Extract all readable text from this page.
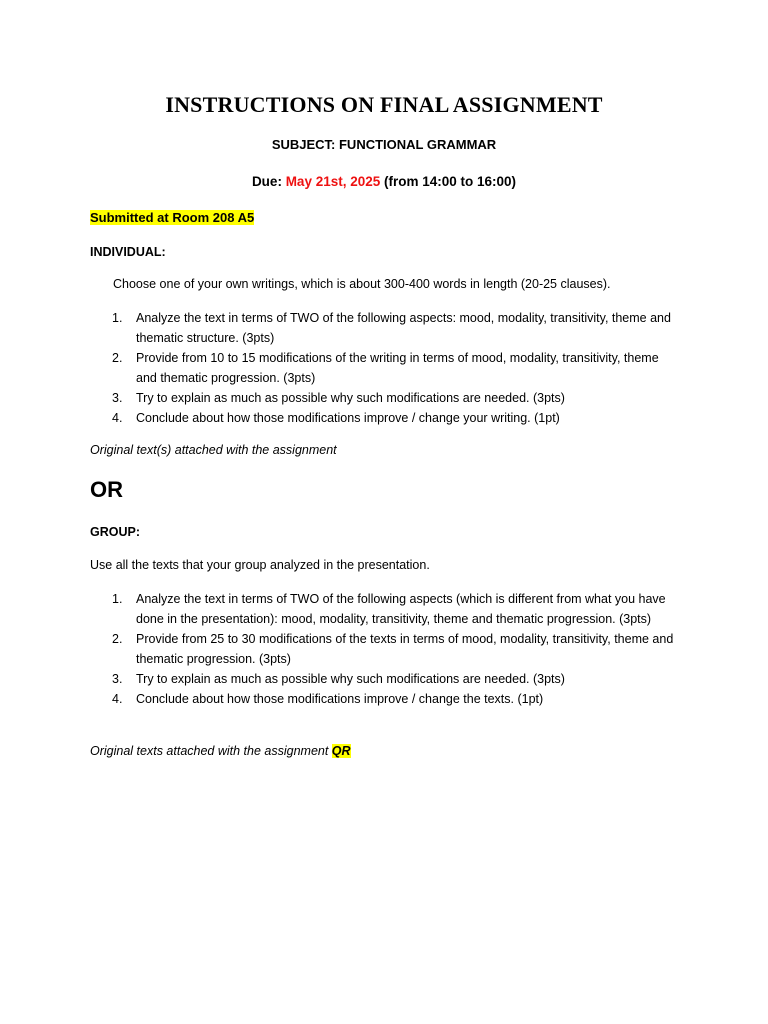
INSTRUCTIONS ON FINAL ASSIGNMENT
SUBJECT: FUNCTIONAL GRAMMAR
Due: May 21st, 2025 (from 14:00 to 16:00)
Submitted at Room 208 A5
INDIVIDUAL:
Choose one of your own writings, which is about 300-400 words in length (20-25 clauses).
1. Analyze the text in terms of TWO of the following aspects: mood, modality, transitivity, theme and thematic structure. (3pts)
2. Provide from 10 to 15 modifications of the writing in terms of mood, modality, transitivity, theme and thematic progression. (3pts)
3. Try to explain as much as possible why such modifications are needed. (3pts)
4. Conclude about how those modifications improve / change your writing. (1pt)
Original text(s) attached with the assignment
OR
GROUP:
Use all the texts that your group analyzed in the presentation.
1. Analyze the text in terms of TWO of the following aspects (which is different from what you have done in the presentation): mood, modality, transitivity, theme and thematic progression. (3pts)
2. Provide from 25 to 30 modifications of the texts in terms of mood, modality, transitivity, theme and thematic progression. (3pts)
3. Try to explain as much as possible why such modifications are needed. (3pts)
4. Conclude about how those modifications improve / change the texts. (1pt)
Original texts attached with the assignment QR
